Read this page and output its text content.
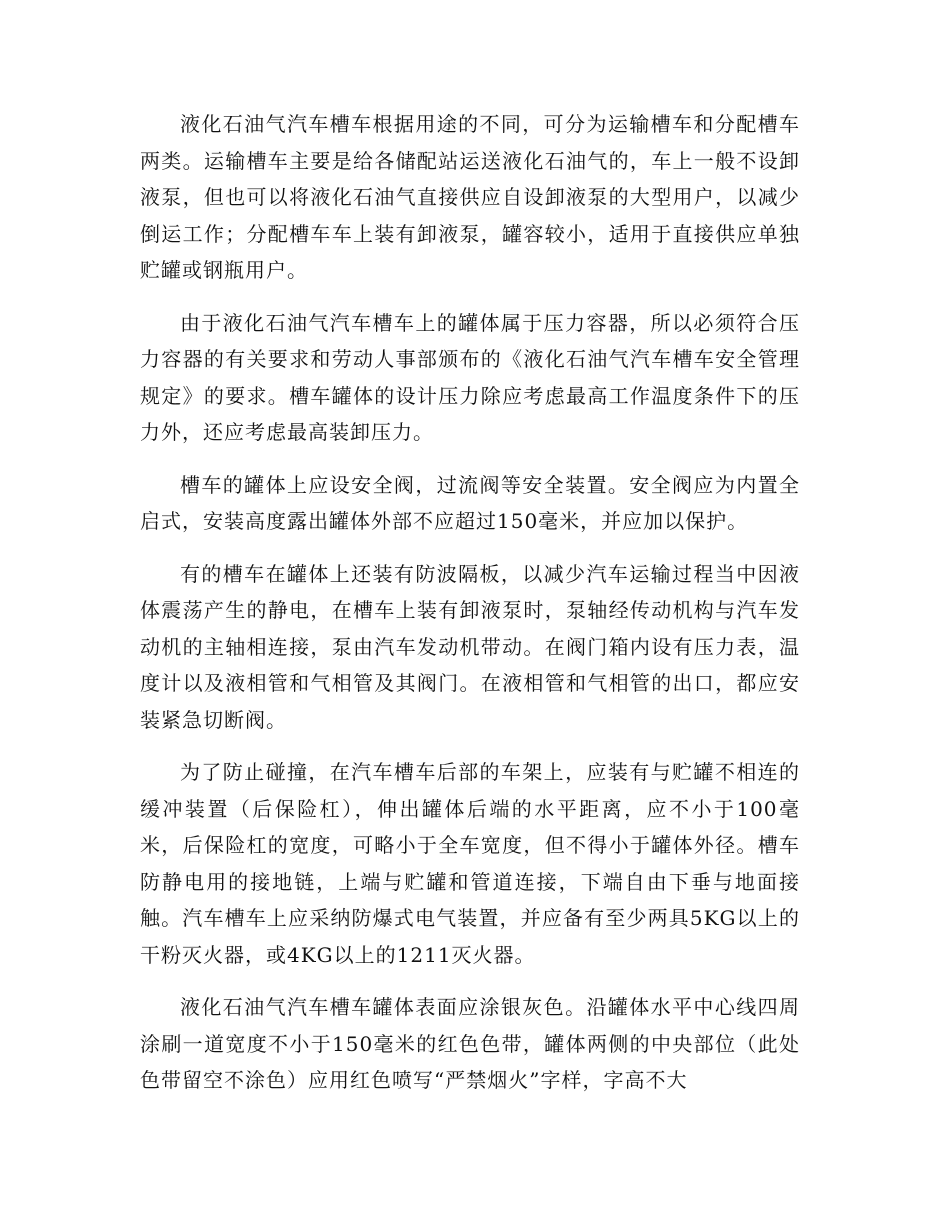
液化石油气汽车槽车根据用途的不同，可分为运输槽车和分配槽车两类。运输槽车主要是给各储配站运送液化石油气的，车上一般不设卸液泵，但也可以将液化石油气直接供应自设卸液泵的大型用户，以减少倒运工作；分配槽车车上装有卸液泵，罐容较小，适用于直接供应单独贮罐或钢瓶用户。

由于液化石油气汽车槽车上的罐体属于压力容器，所以必须符合压力容器的有关要求和劳动人事部颁布的《液化石油气汽车槽车安全管理规定》的要求。槽车罐体的设计压力除应考虑最高工作温度条件下的压力外，还应考虑最高装卸压力。

槽车的罐体上应设安全阀，过流阀等安全装置。安全阀应为内置全启式，安装高度露出罐体外部不应超过150毫米，并应加以保护。

有的槽车在罐体上还装有防波隔板，以减少汽车运输过程当中因液体震荡产生的静电，在槽车上装有卸液泵时，泵轴经传动机构与汽车发动机的主轴相连接，泵由汽车发动机带动。在阀门箱内设有压力表，温度计以及液相管和气相管及其阀门。在液相管和气相管的出口，都应安装紧急切断阀。

为了防止碰撞，在汽车槽车后部的车架上，应装有与贮罐不相连的缓冲装置（后保险杠），伸出罐体后端的水平距离，应不小于100毫米，后保险杠的宽度，可略小于全车宽度，但不得小于罐体外径。槽车防静电用的接地链，上端与贮罐和管道连接，下端自由下垂与地面接触。汽车槽车上应采纳防爆式电气装置，并应备有至少两具5KG以上的干粉灭火器，或4KG以上的1211灭火器。

液化石油气汽车槽车罐体表面应涂银灰色。沿罐体水平中心线四周涂刷一道宽度不小于150毫米的红色色带，罐体两侧的中央部位（此处色带留空不涂色）应用红色喷写“严禁烟火”字样，字高不大
